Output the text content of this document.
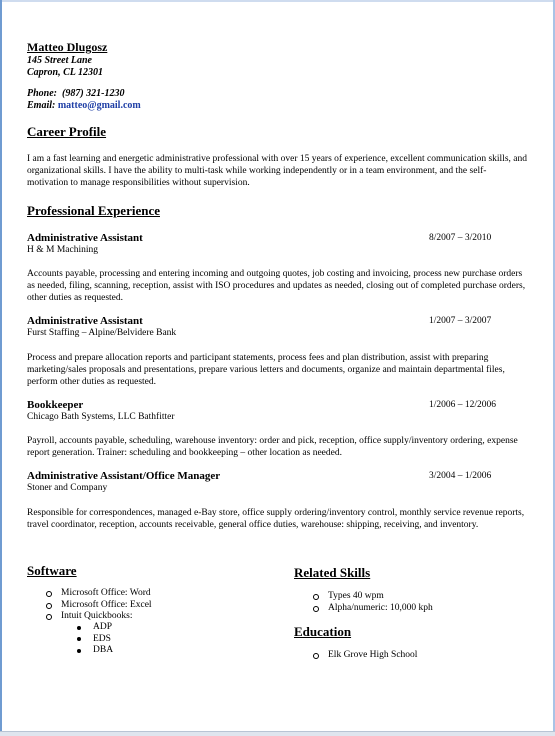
Matteo Dlugosz
145 Street Lane
Capron, CL 12301
Phone: (987) 321-1230
Email: matteo@gmail.com
Career Profile
I am a fast learning and energetic administrative professional with over 15 years of experience, excellent communication skills, and organizational skills. I have the ability to multi-task while working independently or in a team environment, and the self-motivation to manage responsibilities without supervision.
Professional Experience
Administrative Assistant	8/2007 – 3/2010
H & M Machining
Accounts payable, processing and entering incoming and outgoing quotes, job costing and invoicing, process new purchase orders as needed, filing, scanning, reception, assist with ISO procedures and updates as needed, closing out of completed purchase orders, other duties as requested.
Administrative Assistant	1/2007 – 3/2007
Furst Staffing – Alpine/Belvidere Bank
Process and prepare allocation reports and participant statements, process fees and plan distribution, assist with preparing marketing/sales proposals and presentations, prepare various letters and documents, organize and maintain departmental files, perform other duties as requested.
Bookkeeper	1/2006 – 12/2006
Chicago Bath Systems, LLC Bathfitter
Payroll, accounts payable, scheduling, warehouse inventory: order and pick, reception, office supply/inventory ordering, expense report generation. Trainer: scheduling and bookkeeping – other location as needed.
Administrative Assistant/Office Manager	3/2004 – 1/2006
Stoner and Company
Responsible for correspondences, managed e-Bay store, office supply ordering/inventory control, monthly service revenue reports, travel coordinator, reception, accounts receivable, general office duties, warehouse: shipping, receiving, and inventory.
Software
Microsoft Office: Word
Microsoft Office: Excel
Intuit Quickbooks:
ADP
EDS
DBA
Related Skills
Types 40 wpm
Alpha/numeric: 10,000 kph
Education
Elk Grove High School
